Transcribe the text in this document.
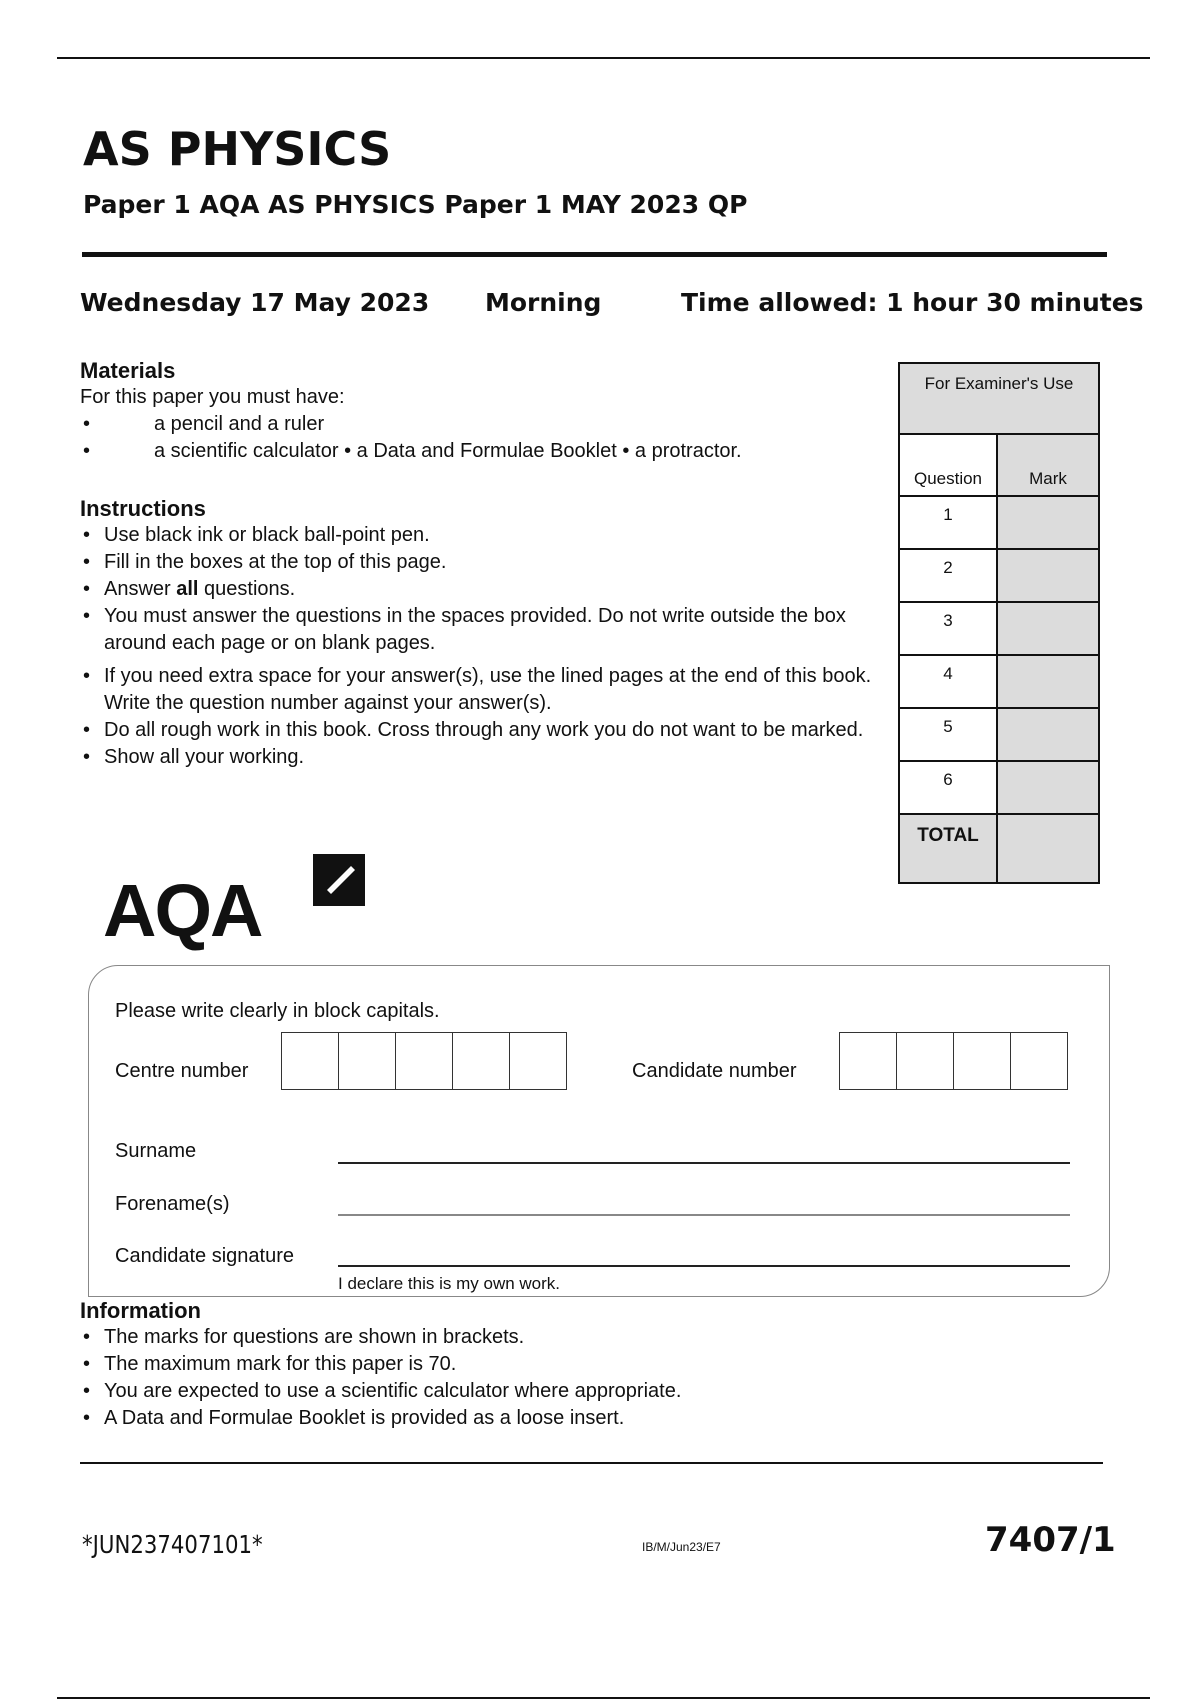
AS PHYSICS
Paper 1 AQA AS PHYSICS Paper 1 MAY 2023 QP
Wednesday 17 May 2023 Morning	Time allowed: 1 hour 30 minutes
Materials
For this paper you must have:
• a pencil and a ruler
• a scientific calculator • a Data and Formulae Booklet • a protractor.
Instructions
• Use black ink or black ball-point pen.
• Fill in the boxes at the top of this page.
• Answer all questions.
• You must answer the questions in the spaces provided. Do not write outside the box around each page or on blank pages.
• If you need extra space for your answer(s), use the lined pages at the end of this book. Write the question number against your answer(s).
• Do all rough work in this book. Cross through any work you do not want to be marked.
• Show all your working.
For Examiner's Use	
Question	Mark
1	
2	
3	
4	
5	
6	
TOTAL	
AQA
Please write clearly in block capitals.
Centre number	Candidate number
Surname
Forename(s)
Candidate signature
I declare this is my own work.
Information
• The marks for questions are shown in brackets.
• The maximum mark for this paper is 70.
• You are expected to use a scientific calculator where appropriate.
• A Data and Formulae Booklet is provided as a loose insert.
*JUN237407101*	IB/M/Jun23/E7	7407/1
